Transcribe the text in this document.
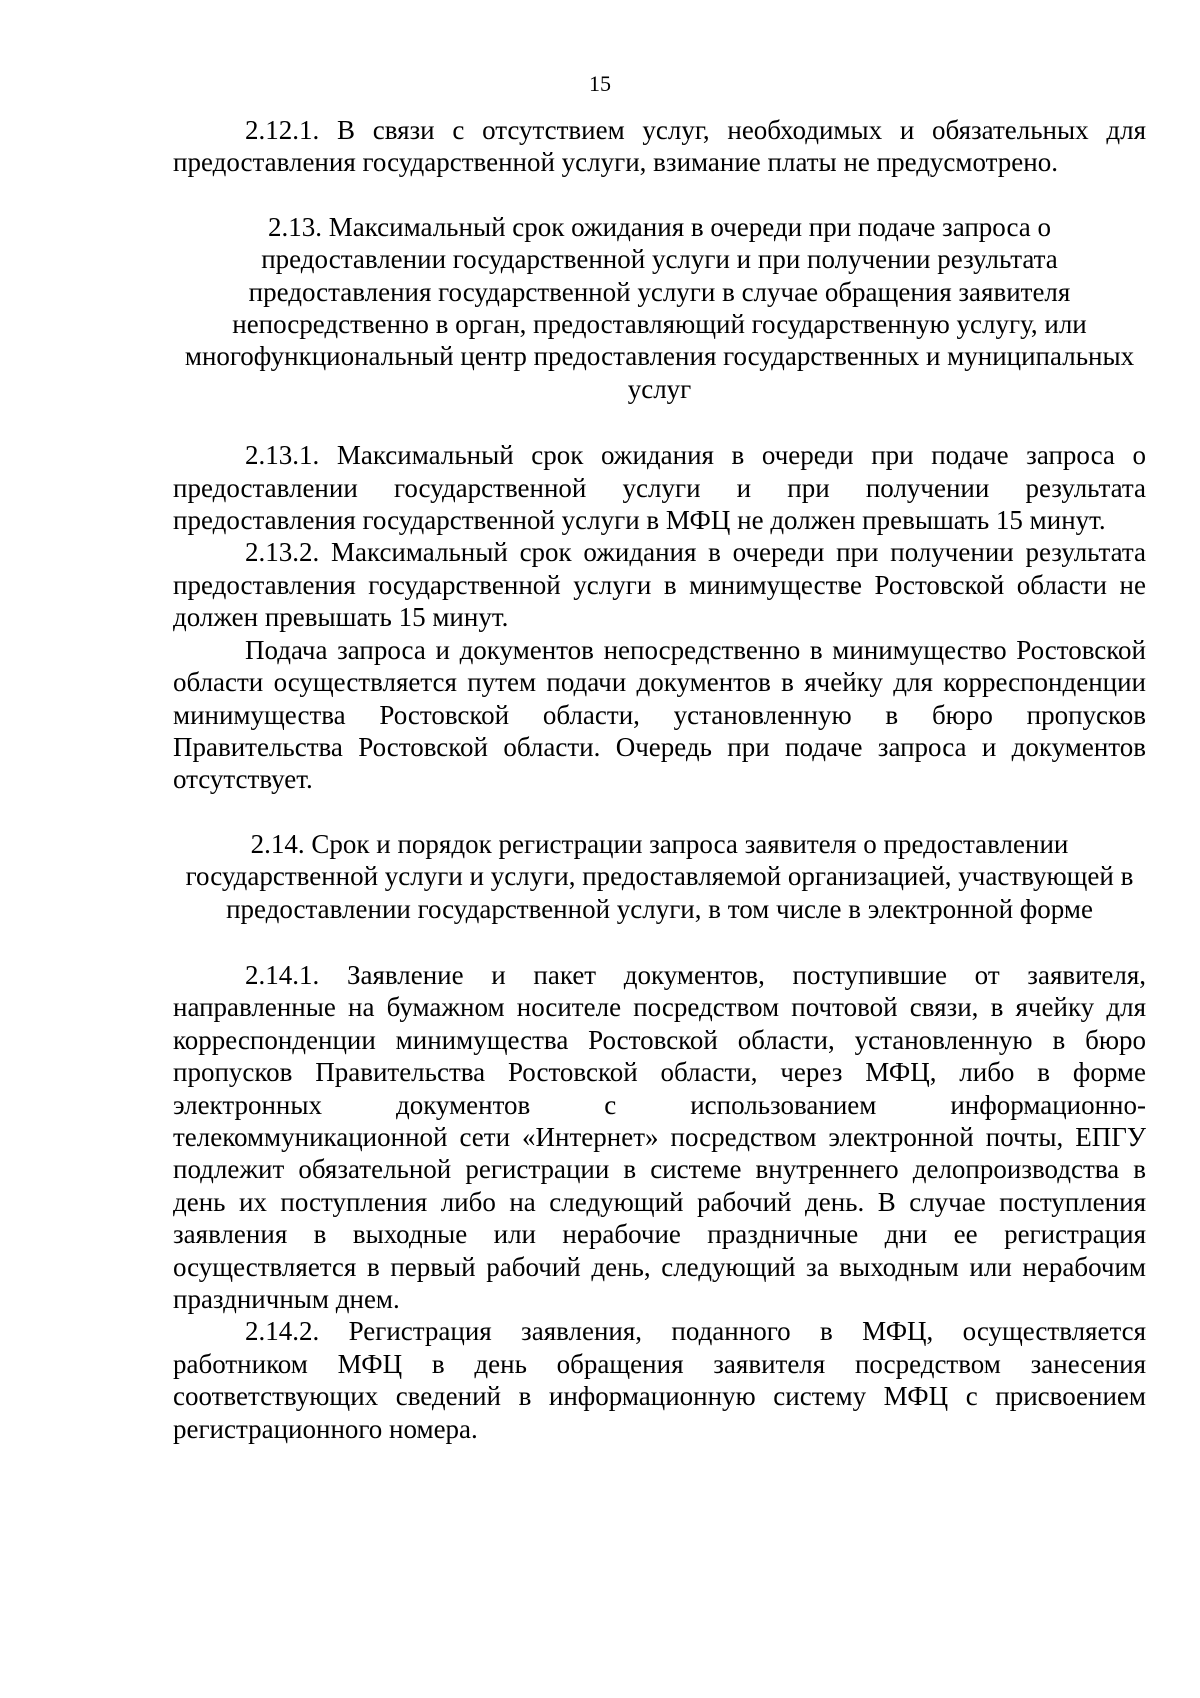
15

2.12.1. В связи с отсутствием услуг, необходимых и обязательных для предоставления государственной услуги, взимание платы не предусмотрено.

2.13. Максимальный срок ожидания в очереди при подаче запроса о предоставлении государственной услуги и при получении результата предоставления государственной услуги в случае обращения заявителя непосредственно в орган, предоставляющий государственную услугу, или многофункциональный центр предоставления государственных и муниципальных услуг

2.13.1. Максимальный срок ожидания в очереди при подаче запроса о предоставлении государственной услуги и при получении результата предоставления государственной услуги в МФЦ не должен превышать 15 минут.

2.13.2. Максимальный срок ожидания в очереди при получении результата предоставления государственной услуги в минимуществе Ростовской области не должен превышать 15 минут.

Подача запроса и документов непосредственно в минимущество Ростовской области осуществляется путем подачи документов в ячейку для корреспонденции минимущества Ростовской области, установленную в бюро пропусков Правительства Ростовской области. Очередь при подаче запроса и документов отсутствует.

2.14. Срок и порядок регистрации запроса заявителя о предоставлении государственной услуги и услуги, предоставляемой организацией, участвующей в предоставлении государственной услуги, в том числе в электронной форме

2.14.1. Заявление и пакет документов, поступившие от заявителя, направленные на бумажном носителе посредством почтовой связи, в ячейку для корреспонденции минимущества Ростовской области, установленную в бюро пропусков Правительства Ростовской области, через МФЦ, либо в форме электронных документов с использованием информационно-телекоммуникационной сети «Интернет» посредством электронной почты, ЕПГУ подлежит обязательной регистрации в системе внутреннего делопроизводства в день их поступления либо на следующий рабочий день. В случае поступления заявления в выходные или нерабочие праздничные дни ее регистрация осуществляется в первый рабочий день, следующий за выходным или нерабочим праздничным днем.

2.14.2. Регистрация заявления, поданного в МФЦ, осуществляется работником МФЦ в день обращения заявителя посредством занесения соответствующих сведений в информационную систему МФЦ с присвоением регистрационного номера.
